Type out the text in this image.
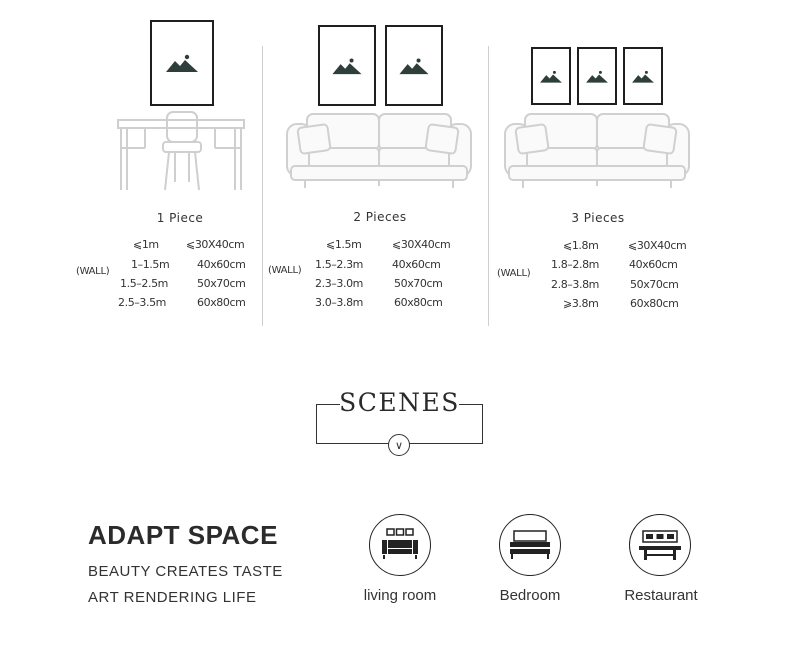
1 Piece	2 Pieces	3 Pieces
(WALL)	(WALL)	(WALL)
⩽1m ⩽30X40cm
1–1.5m	40x60cm
1.5–2.5m	50x70cm
2.5–3.5m	60x80cm
⩽1.5m	⩽30X40cm
1.5–2.3m	40x60cm
2.3–3.0m	50x70cm
3.0–3.8m	60x80cm
⩽1.8m	⩽30X40cm
1.8–2.8m	40x60cm
2.8–3.8m	50x70cm
⩾3.8m	60x80cm
SCENES
∨
ADAPT SPACE
BEAUTY CREATES TASTE
ART RENDERING LIFE	living room	Bedroom	Restaurant
